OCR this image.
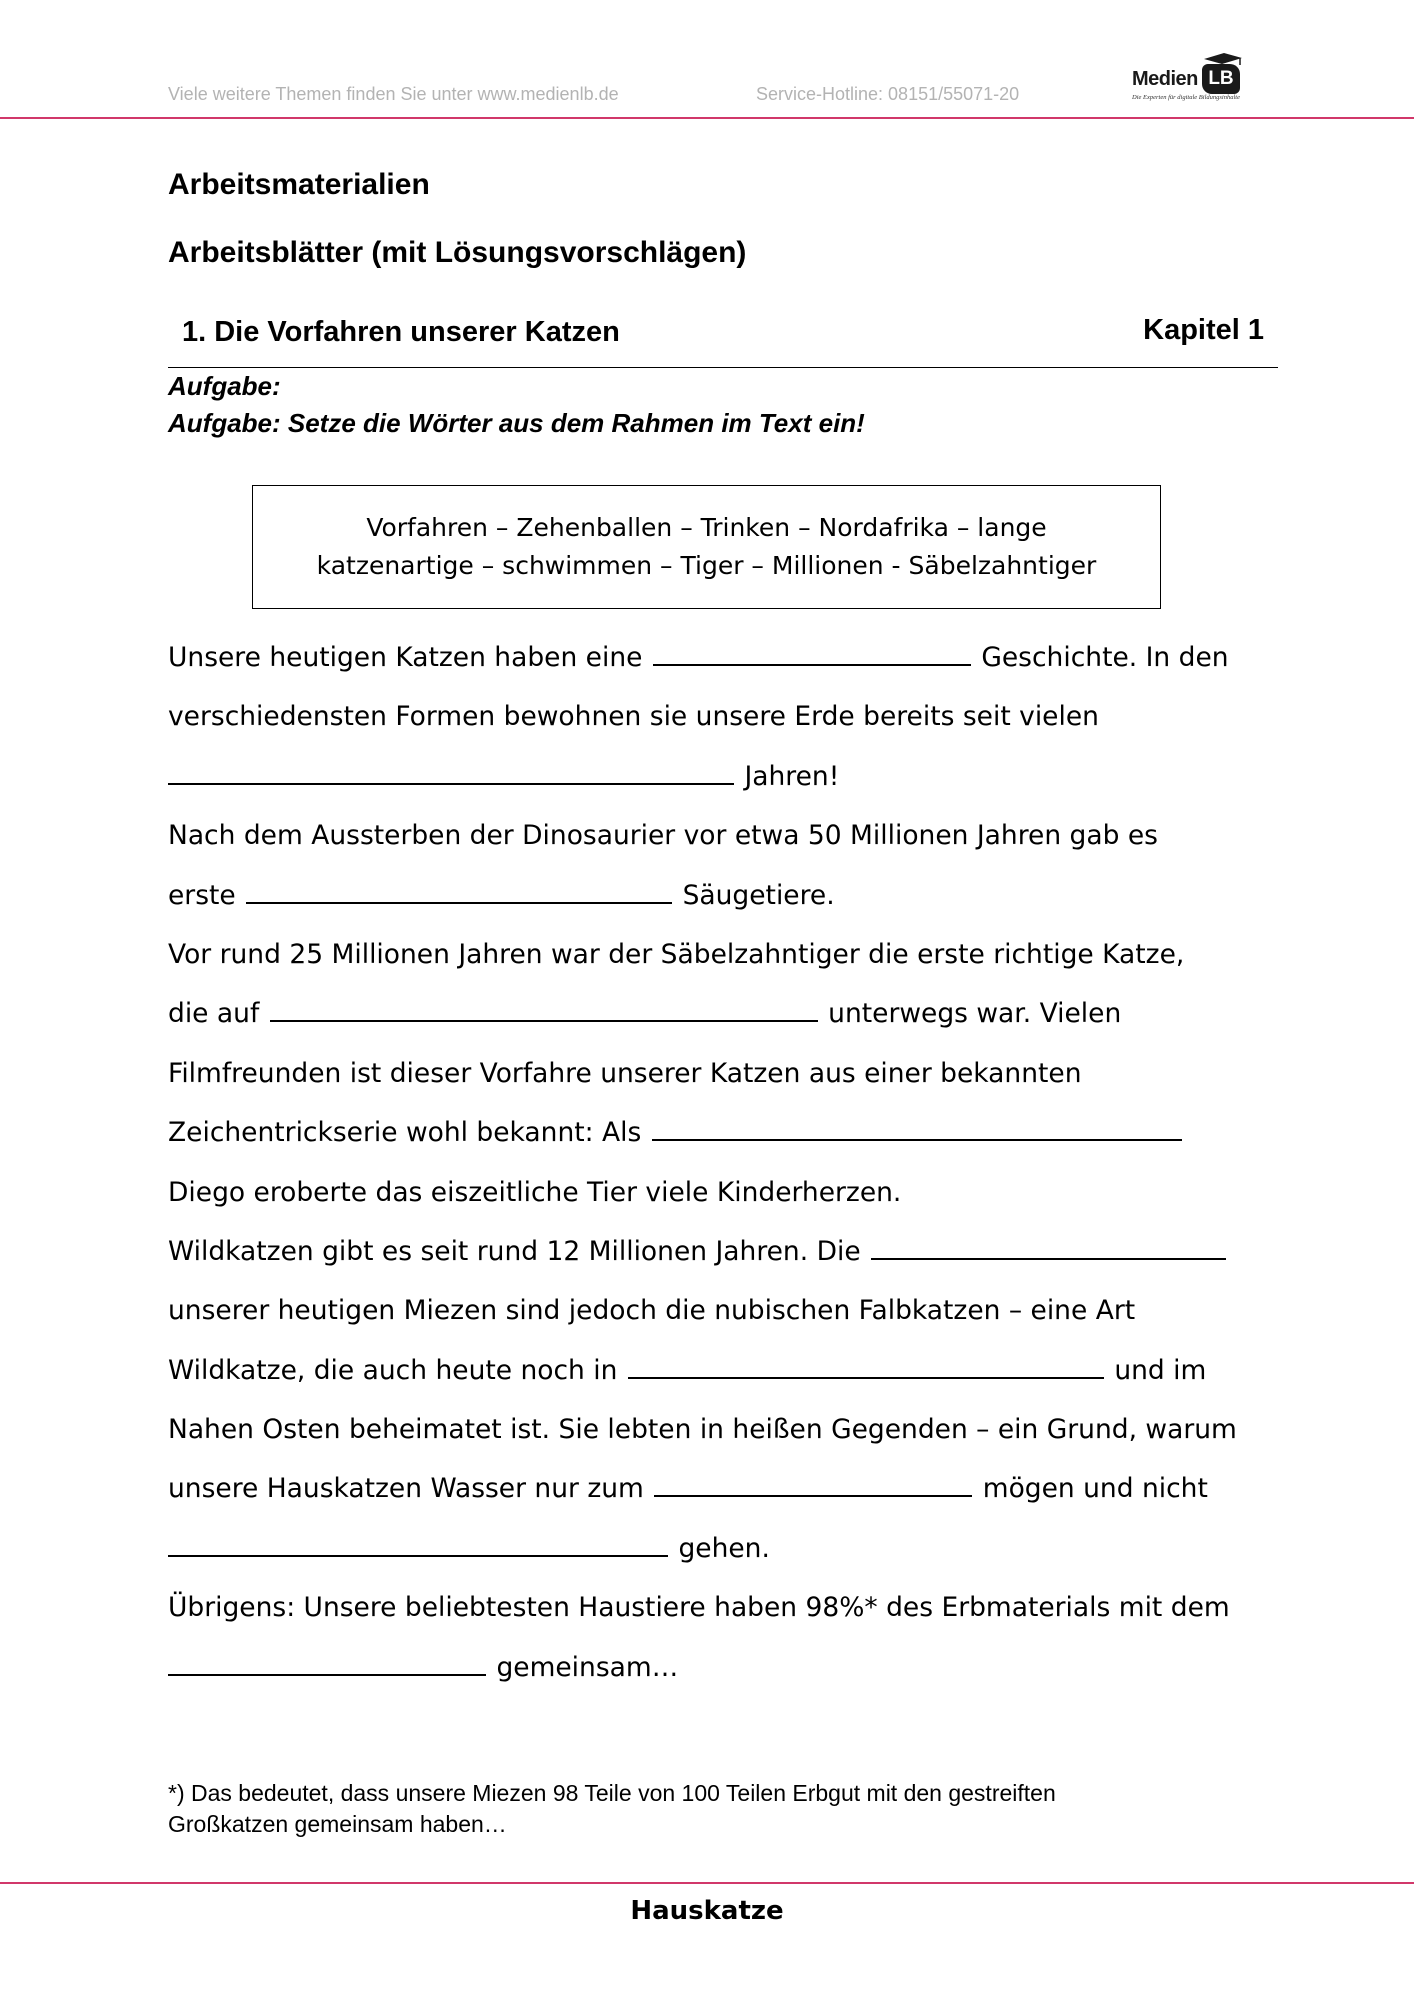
Viele weitere Themen finden Sie unter www.medienlb.de	Service-Hotline: 08151/55071-20
Medien LB
Die Experten für digitale Bildungsinhalte
Arbeitsmaterialien
Arbeitsblätter (mit Lösungsvorschlägen)
1. Die Vorfahren unserer Katzen	Kapitel 1
Aufgabe:
Aufgabe: Setze die Wörter aus dem Rahmen im Text ein!
Vorfahren – Zehenballen – Trinken – Nordafrika – lange
katzenartige – schwimmen – Tiger – Millionen - Säbelzahntiger
Unsere heutigen Katzen haben eine	Geschichte. In den
verschiedensten Formen bewohnen sie unsere Erde bereits seit vielen
Jahren!
Nach dem Aussterben der Dinosaurier vor etwa 50 Millionen Jahren gab es
erste	Säugetiere.
Vor rund 25 Millionen Jahren war der Säbelzahntiger die erste richtige Katze,
die auf	unterwegs war. Vielen
Filmfreunden ist dieser Vorfahre unserer Katzen aus einer bekannten
Zeichentrickserie wohl bekannt: Als
Diego eroberte das eiszeitliche Tier viele Kinderherzen.
Wildkatzen gibt es seit rund 12 Millionen Jahren. Die
unserer heutigen Miezen sind jedoch die nubischen Falbkatzen – eine Art
Wildkatze, die auch heute noch in	und im
Nahen Osten beheimatet ist. Sie lebten in heißen Gegenden – ein Grund, warum
unsere Hauskatzen Wasser nur zum	mögen und nicht
gehen.
Übrigens: Unsere beliebtesten Haustiere haben 98%* des Erbmaterials mit dem
gemeinsam…
*) Das bedeutet, dass unsere Miezen 98 Teile von 100 Teilen Erbgut mit den gestreiften
Großkatzen gemeinsam haben…
Hauskatze
